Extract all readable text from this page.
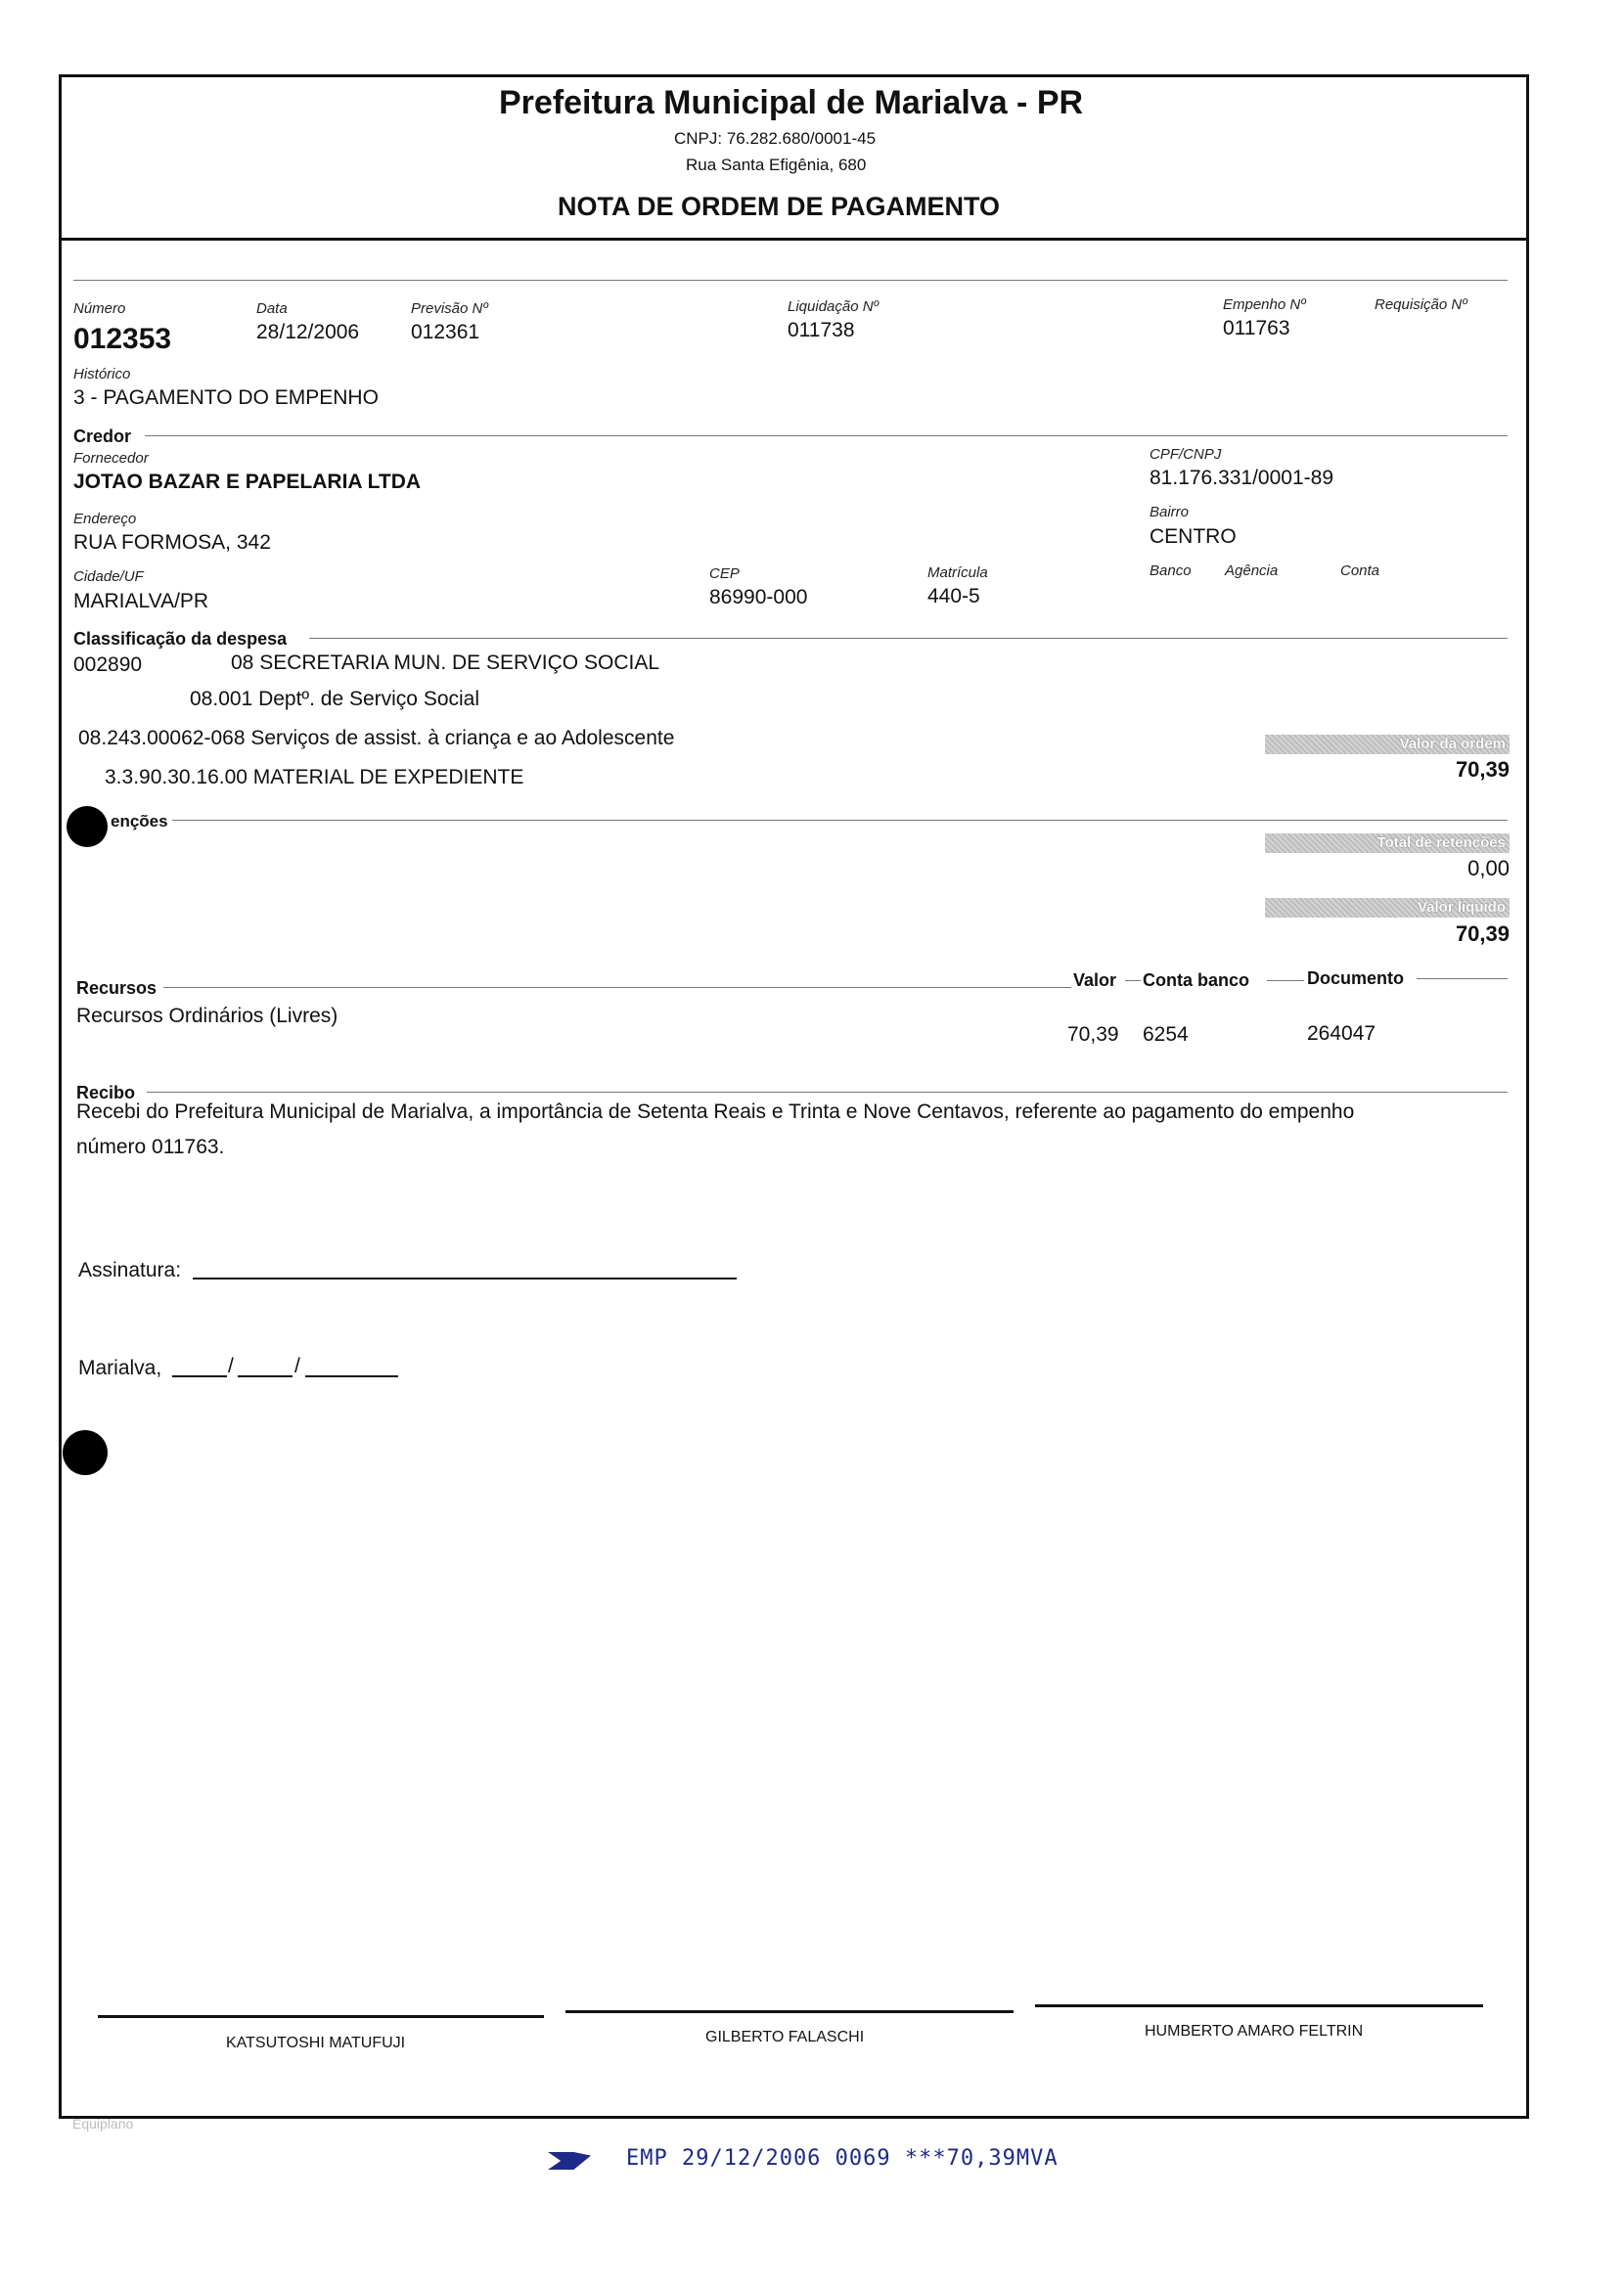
Prefeitura Municipal de Marialva - PR
CNPJ: 76.282.680/0001-45
Rua Santa Efigênia, 680
NOTA DE ORDEM DE PAGAMENTO
Número
012353
Data
28/12/2006
Previsão Nº
012361
Liquidação Nº
011738
Empenho Nº
011763
Requisição Nº
Histórico
3 - PAGAMENTO DO EMPENHO
Credor
Fornecedor
JOTAO BAZAR E PAPELARIA LTDA
CPF/CNPJ
81.176.331/0001-89
Endereço
RUA FORMOSA, 342
Bairro
CENTRO
Cidade/UF
MARIALVA/PR
CEP
86990-000
Matrícula
440-5
Banco Agência	Conta
Classificação da despesa
002890	08 SECRETARIA MUN. DE SERVIÇO SOCIAL
08.001 Deptº. de Serviço Social
08.243.00062-068 Serviços de assist. à criança e ao Adolescente
3.3.90.30.16.00 MATERIAL DE EXPEDIENTE
Valor da ordem
70,39
enções
Total de retenções
0,00
Valor líquido
70,39
Recursos	Valor Conta banco	Documento
Recursos Ordinários (Livres)
70,39 6254	264047
Recibo
Recebi do Prefeitura Municipal de Marialva, a importância de Setenta Reais e Trinta e Nove Centavos, referente ao pagamento do empenho
número 011763.
Assinatura:
Marialva,	/	/
KATSUTOSHI MATUFUJI	GILBERTO FALASCHI	HUMBERTO AMARO FELTRIN
Equiplano
EMP 29/12/2006 0069 ***70,39MVA
